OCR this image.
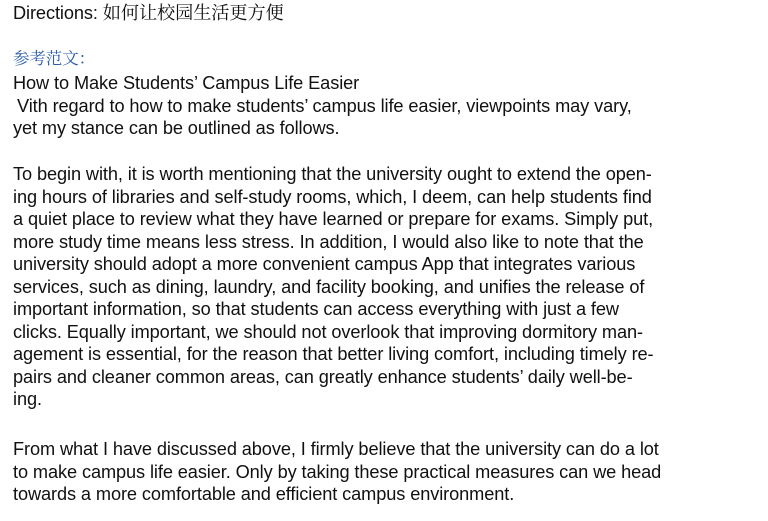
Directions: 如何让校园生活更方便
参考范文：
How to Make Students’ Campus Life Easier
Vith regard to how to make students’ campus life easier, viewpoints may vary,
yet my stance can be outlined as follows.
To begin with, it is worth mentioning that the university ought to extend the open-
ing hours of libraries and self-study rooms, which, I deem, can help students find
a quiet place to review what they have learned or prepare for exams. Simply put,
more study time means less stress. In addition, I would also like to note that the
university should adopt a more convenient campus App that integrates various
services, such as dining, laundry, and facility booking, and unifies the release of
important information, so that students can access everything with just a few
clicks. Equally important, we should not overlook that improving dormitory man-
agement is essential, for the reason that better living comfort, including timely re-
pairs and cleaner common areas, can greatly enhance students’ daily well-be-
ing.
From what I have discussed above, I firmly believe that the university can do a lot
to make campus life easier. Only by taking these practical measures can we head
towards a more comfortable and efficient campus environment.
